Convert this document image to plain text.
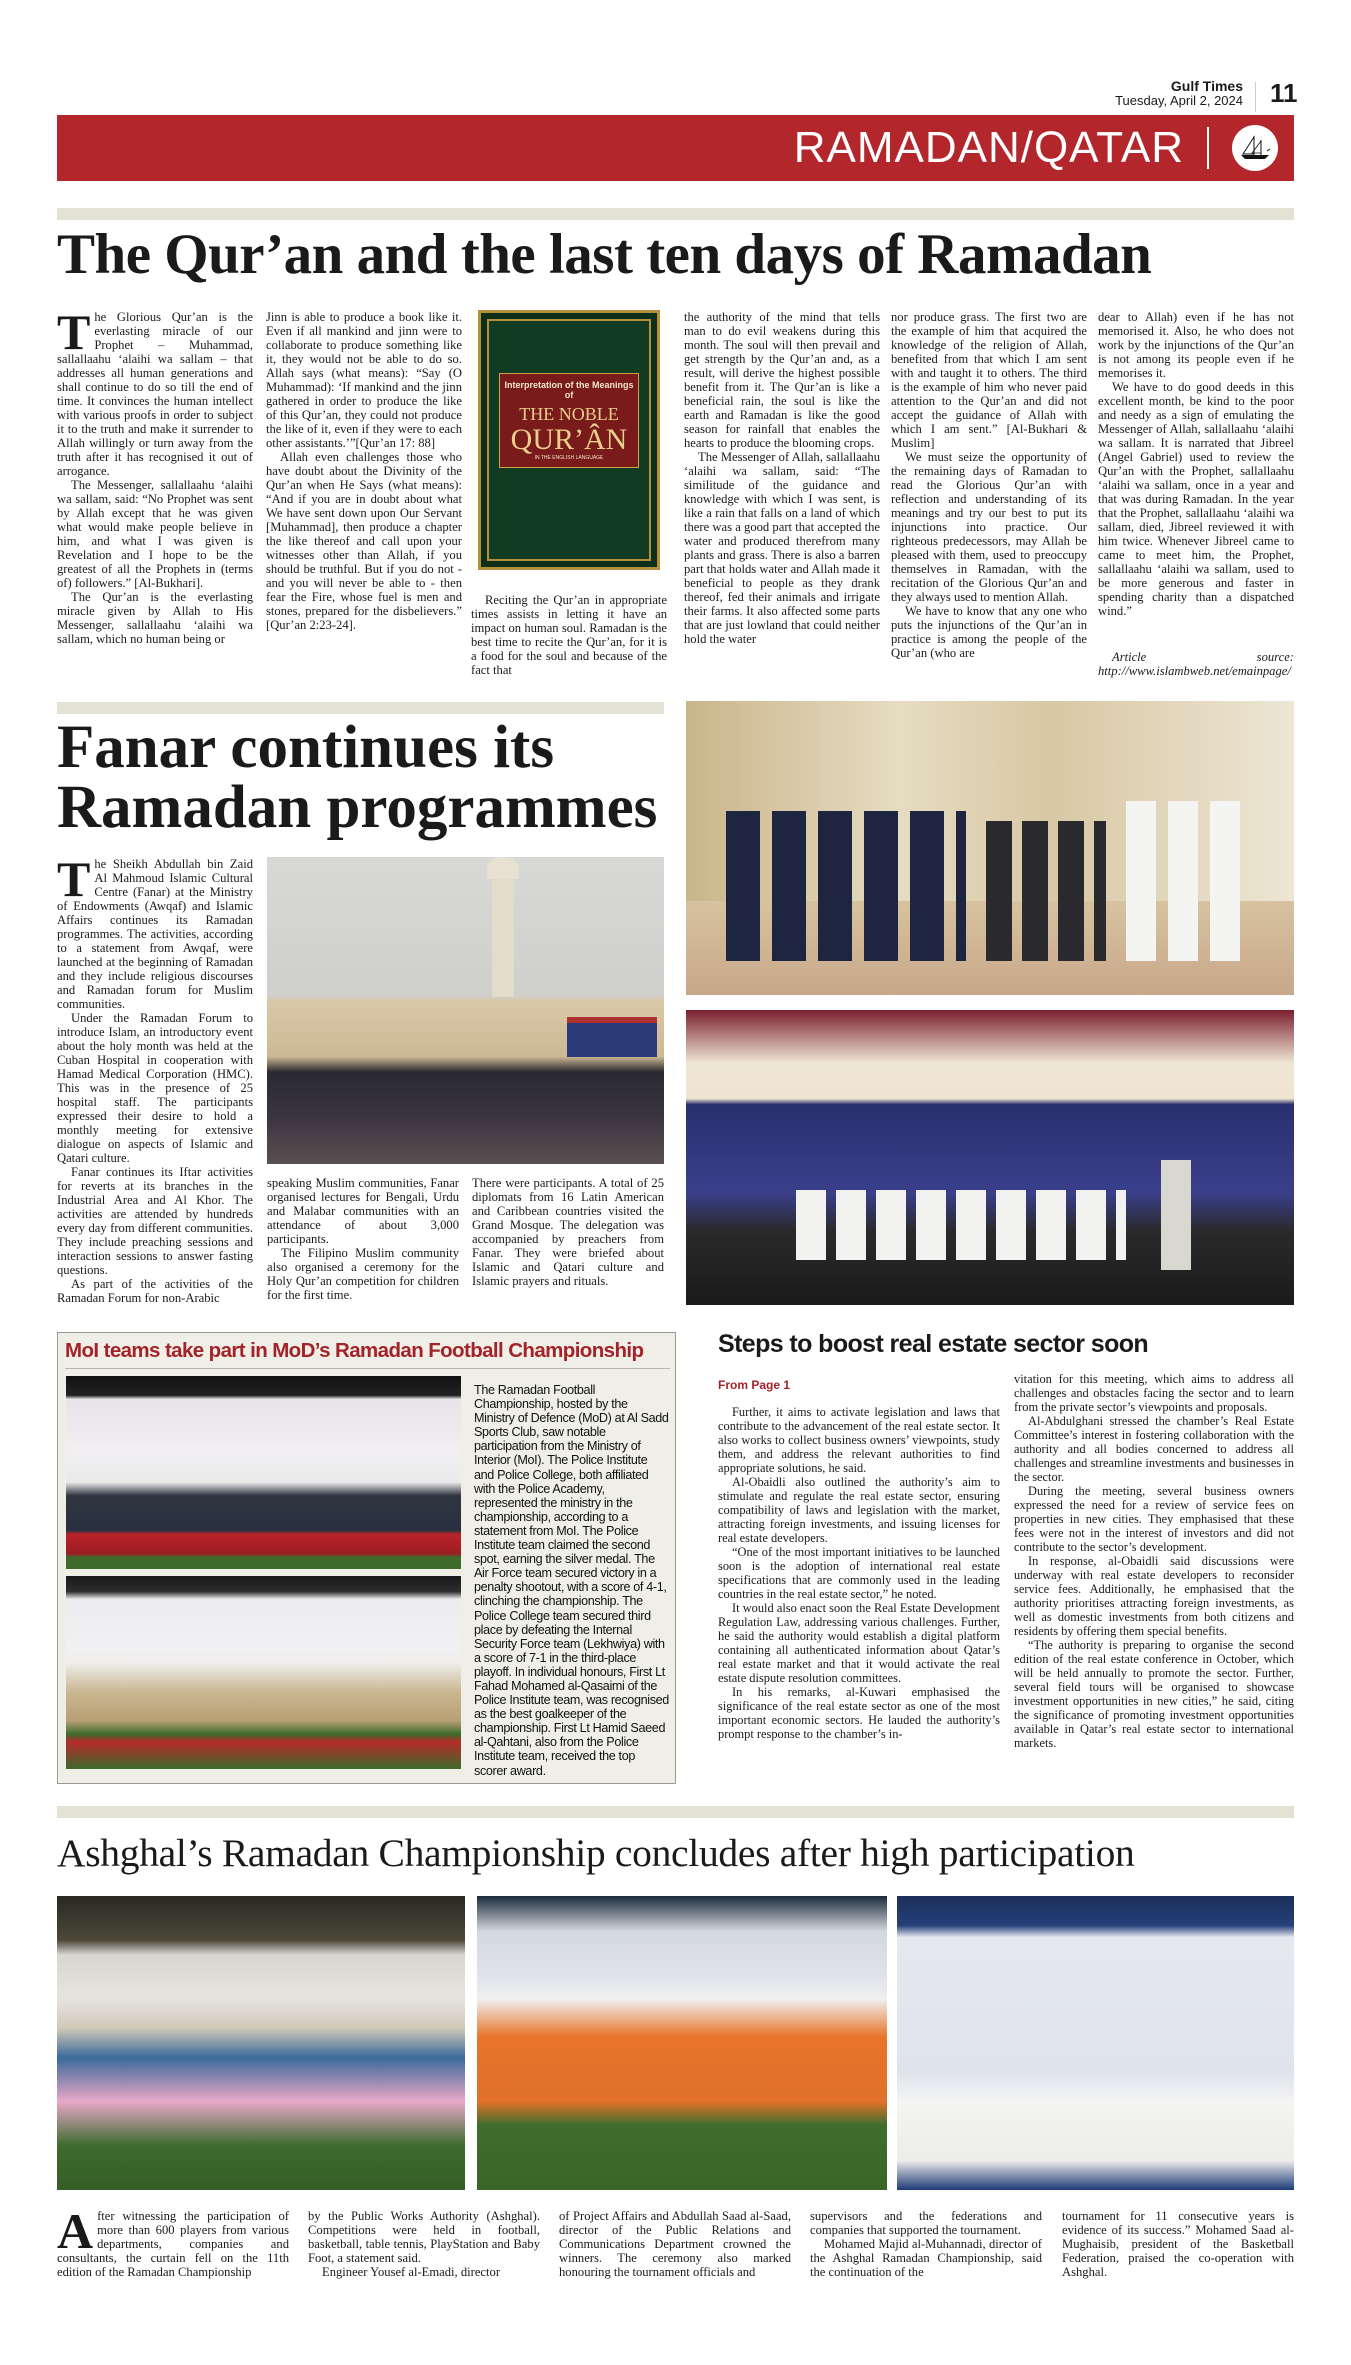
Gulf Times
Tuesday, April 2, 2024 11
RAMADAN/QATAR
The Qur’an and the last ten days of Ramadan

The Glorious Qur’an is the everlasting miracle of our Prophet – Muhammad, sallallaahu ‘alaihi wa sallam – that addresses all human generations and shall continue to do so till the end of time. It convinces the human intellect with various proofs in order to subject it to the truth and make it surrender to Allah willingly or turn away from the truth after it has recognised it out of arrogance.

The Messenger, sallallaahu ‘alaihi wa sallam, said: “No Prophet was sent by Allah except that he was given what would make people believe in him, and what I was given is Revelation and I hope to be the greatest of all the Prophets in (terms of) followers.” [Al-Bukhari].

The Qur’an is the everlasting miracle given by Allah to His Messenger, sallallaahu ‘alaihi wa sallam, which no human being or

Jinn is able to produce a book like it. Even if all mankind and jinn were to collaborate to produce something like it, they would not be able to do so. Allah says (what means): “Say (O Muhammad): ‘If mankind and the jinn gathered in order to produce the like of this Qur’an, they could not produce the like of it, even if they were to each other assistants.’”[Qur’an 17: 88]

Allah even challenges those who have doubt about the Divinity of the Qur’an when He Says (what means): “And if you are in doubt about what We have sent down upon Our Servant [Muhammad], then produce a chapter the like thereof and call upon your witnesses other than Allah, if you should be truthful. But if you do not - and you will never be able to - then fear the Fire, whose fuel is men and stones, prepared for the disbelievers.” [Qur’an 2:23-24].

Interpretation of the Meanings of
THE NOBLE
QUR’ÂN
IN THE ENGLISH LANGUAGE

Reciting the Qur’an in appropriate times assists in letting it have an impact on human soul. Ramadan is the best time to recite the Qur’an, for it is a food for the soul and because of the fact that

the authority of the mind that tells man to do evil weakens during this month. The soul will then prevail and get strength by the Qur’an and, as a result, will derive the highest possible benefit from it. The Qur’an is like a beneficial rain, the soul is like the earth and Ramadan is like the good season for rainfall that enables the hearts to produce the blooming crops.

The Messenger of Allah, sallallaahu ‘alaihi wa sallam, said: “The similitude of the guidance and knowledge with which I was sent, is like a rain that falls on a land of which there was a good part that accepted the water and produced therefrom many plants and grass. There is also a barren part that holds water and Allah made it beneficial to people as they drank thereof, fed their animals and irrigate their farms. It also affected some parts that are just lowland that could neither hold the water

nor produce grass. The first two are the example of him that acquired the knowledge of the religion of Allah, benefited from that which I am sent with and taught it to others. The third is the example of him who never paid attention to the Qur’an and did not accept the guidance of Allah with which I am sent.” [Al-Bukhari & Muslim]

We must seize the opportunity of the remaining days of Ramadan to read the Glorious Qur’an with reflection and understanding of its meanings and try our best to put its injunctions into practice. Our righteous predecessors, may Allah be pleased with them, used to preoccupy themselves in Ramadan, with the recitation of the Glorious Qur’an and they always used to mention Allah.

We have to know that any one who puts the injunctions of the Qur’an in practice is among the people of the Qur’an (who are

dear to Allah) even if he has not memorised it. Also, he who does not work by the injunctions of the Qur’an is not among its people even if he memorises it.

We have to do good deeds in this excellent month, be kind to the poor and needy as a sign of emulating the Messenger of Allah, sallallaahu ‘alaihi wa sallam. It is narrated that Jibreel (Angel Gabriel) used to review the Qur’an with the Prophet, sallallaahu ‘alaihi wa sallam, once in a year and that was during Ramadan. In the year that the Prophet, sallallaahu ‘alaihi wa sallam, died, Jibreel reviewed it with him twice. Whenever Jibreel came to came to meet him, the Prophet, sallallaahu ‘alaihi wa sallam, used to be more generous and faster in spending charity than a dispatched wind.”

Article source: http://www.islambweb.net/emainpage/
Fanar continues its
Ramadan programmes

The Sheikh Abdullah bin Zaid Al Mahmoud Islamic Cultural Centre (Fanar) at the Ministry of Endowments (Awqaf) and Islamic Affairs continues its Ramadan programmes. The activities, according to a statement from Awqaf, were launched at the beginning of Ramadan and they include religious discourses and Ramadan forum for Muslim communities.

Under the Ramadan Forum to introduce Islam, an introductory event about the holy month was held at the Cuban Hospital in cooperation with Hamad Medical Corporation (HMC). This was in the presence of 25 hospital staff. The participants expressed their desire to hold a monthly meeting for extensive dialogue on aspects of Islamic and Qatari culture.

Fanar continues its Iftar activities for reverts at its branches in the Industrial Area and Al Khor. The activities are attended by hundreds every day from different communities. They include preaching sessions and interaction sessions to answer fasting questions.

As part of the activities of the Ramadan Forum for non-Arabic

speaking Muslim communities, Fanar organised lectures for Bengali, Urdu and Malabar communities with an attendance of about 3,000 participants.

The Filipino Muslim community also organised a ceremony for the Holy Qur’an competition for children for the first time.

There were participants. A total of 25 diplomats from 16 Latin American and Caribbean countries visited the Grand Mosque. The delegation was accompanied by preachers from Fanar. They were briefed about Islamic and Qatari culture and Islamic prayers and rituals.

MoI teams take part in MoD’s Ramadan Football Championship
The Ramadan Football Championship, hosted by the Ministry of Defence (MoD) at Al Sadd Sports Club, saw notable participation from the Ministry of Interior (MoI). The Police Institute and Police College, both affiliated with the Police Academy, represented the ministry in the championship, according to a statement from MoI. The Police Institute team claimed the second spot, earning the silver medal. The Air Force team secured victory in a penalty shootout, with a score of 4-1, clinching the championship. The Police College team secured third place by defeating the Internal Security Force team (Lekhwiya) with a score of 7-1 in the third-place playoff. In individual honours, First Lt Fahad Mohamed al-Qasaimi of the Police Institute team, was recognised as the best goalkeeper of the championship. First Lt Hamid Saeed al-Qahtani, also from the Police Institute team, received the top scorer award.
Steps to boost real estate sector soon
From Page 1

Further, it aims to activate legislation and laws that contribute to the advancement of the real estate sector. It also works to collect business owners’ viewpoints, study them, and address the relevant authorities to find appropriate solutions, he said.

Al-Obaidli also outlined the authority’s aim to stimulate and regulate the real estate sector, ensuring compatibility of laws and legislation with the market, attracting foreign investments, and issuing licenses for real estate developers.

“One of the most important initiatives to be launched soon is the adoption of international real estate specifications that are commonly used in the leading countries in the real estate sector,” he noted.

It would also enact soon the Real Estate Development Regulation Law, addressing various challenges. Further, he said the authority would establish a digital platform containing all authenticated information about Qatar’s real estate market and that it would activate the real estate dispute resolution committees.

In his remarks, al-Kuwari emphasised the significance of the real estate sector as one of the most important economic sectors. He lauded the authority’s prompt response to the chamber’s in-

vitation for this meeting, which aims to address all challenges and obstacles facing the sector and to learn from the private sector’s viewpoints and proposals.

Al-Abdulghani stressed the chamber’s Real Estate Committee’s interest in fostering collaboration with the authority and all bodies concerned to address all challenges and streamline investments and businesses in the sector.

During the meeting, several business owners expressed the need for a review of service fees on properties in new cities. They emphasised that these fees were not in the interest of investors and did not contribute to the sector’s development.

In response, al-Obaidli said discussions were underway with real estate developers to reconsider service fees. Additionally, he emphasised that the authority prioritises attracting foreign investments, as well as domestic investments from both citizens and residents by offering them special benefits.

“The authority is preparing to organise the second edition of the real estate conference in October, which will be held annually to promote the sector. Further, several field tours will be organised to showcase investment opportunities in new cities,” he said, citing the significance of promoting investment opportunities available in Qatar’s real estate sector to international markets.

Ashghal’s Ramadan Championship concludes after high participation

After witnessing the participation of more than 600 players from various departments, companies and consultants, the curtain fell on the 11th edition of the Ramadan Championship

by the Public Works Authority (Ashghal). Competitions were held in football, basketball, table tennis, PlayStation and Baby Foot, a statement said.

Engineer Yousef al-Emadi, director

of Project Affairs and Abdullah Saad al-Saad, director of the Public Relations and Communications Department crowned the winners. The ceremony also marked honouring the tournament officials and

supervisors and the federations and companies that supported the tournament.

Mohamed Majid al-Muhannadi, director of the Ashghal Ramadan Championship, said the continuation of the

tournament for 11 consecutive years is evidence of its success.” Mohamed Saad al-Mughaisib, president of the Basketball Federation, praised the co-operation with Ashghal.
